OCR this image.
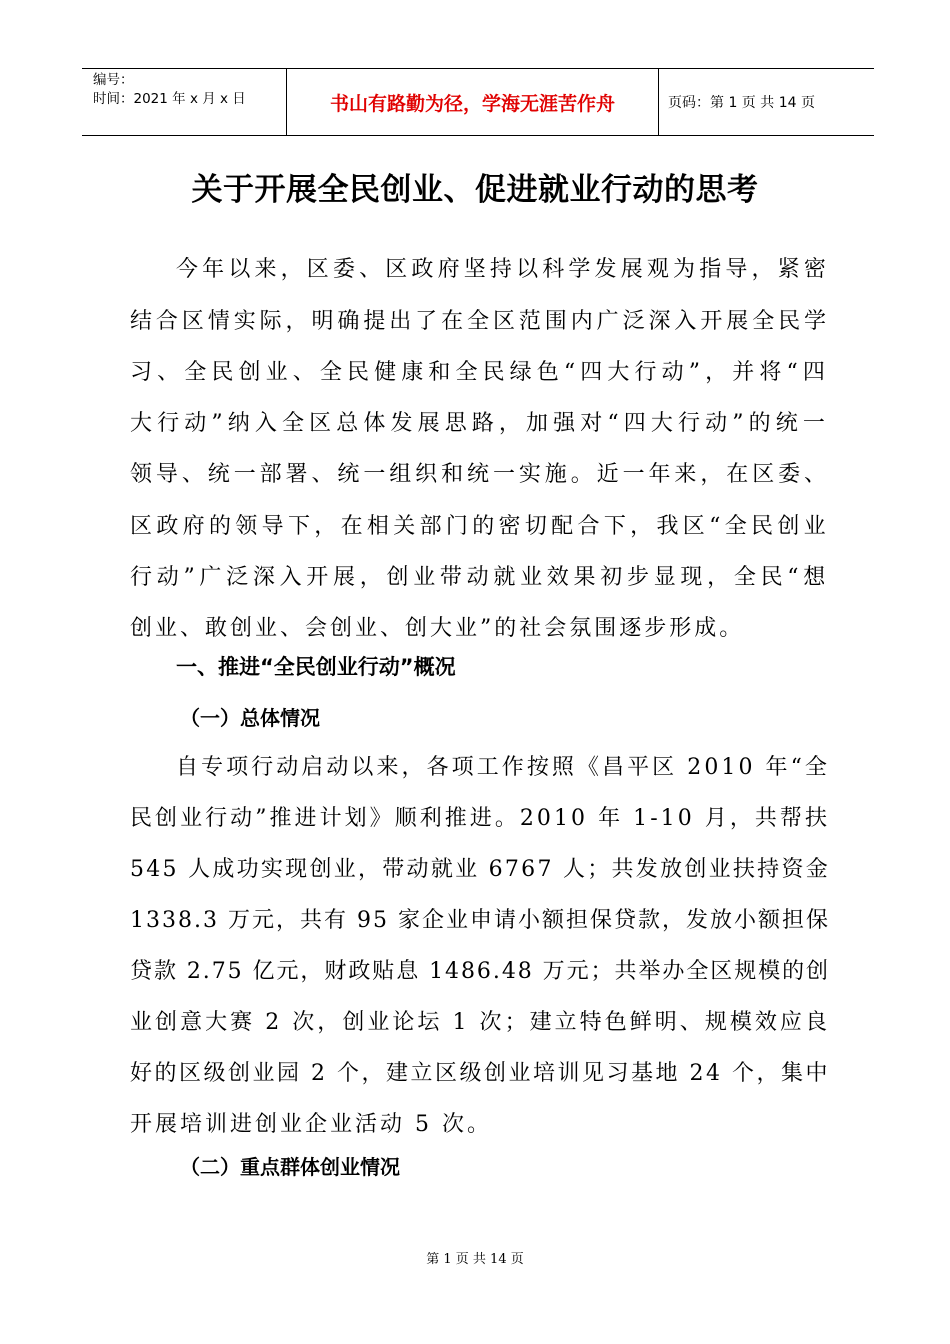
编号：
时间：2021 年 x 月 x 日	书山有路勤为径，学海无涯苦作舟	页码：第 1 页 共 14 页
关于开展全民创业、促进就业行动的思考
今年以来，区委、区政府坚持以科学发展观为指导，紧密
结合区情实际，明确提出了在全区范围内广泛深入开展全民学
习、全民创业、全民健康和全民绿色“四大行动”，并将“四
大行动”纳入全区总体发展思路，加强对“四大行动”的统一
领导、统一部署、统一组织和统一实施。近一年来，在区委、
区政府的领导下，在相关部门的密切配合下，我区“全民创业
行动”广泛深入开展，创业带动就业效果初步显现，全民“想
创业、敢创业、会创业、创大业”的社会氛围逐步形成。
一、推进“全民创业行动”概况
（一）总体情况
自专项行动启动以来，各项工作按照《昌平区 2010 年“全
民创业行动”推进计划》顺利推进。2010 年 1-10 月，共帮扶
545 人成功实现创业，带动就业 6767 人；共发放创业扶持资金
1338.3 万元，共有 95 家企业申请小额担保贷款，发放小额担保
贷款 2.75 亿元，财政贴息 1486.48 万元；共举办全区规模的创
业创意大赛 2 次，创业论坛 1 次；建立特色鲜明、规模效应良
好的区级创业园 2 个，建立区级创业培训见习基地 24 个，集中
开展培训进创业企业活动 5 次。
（二）重点群体创业情况
第 1 页 共 14 页
